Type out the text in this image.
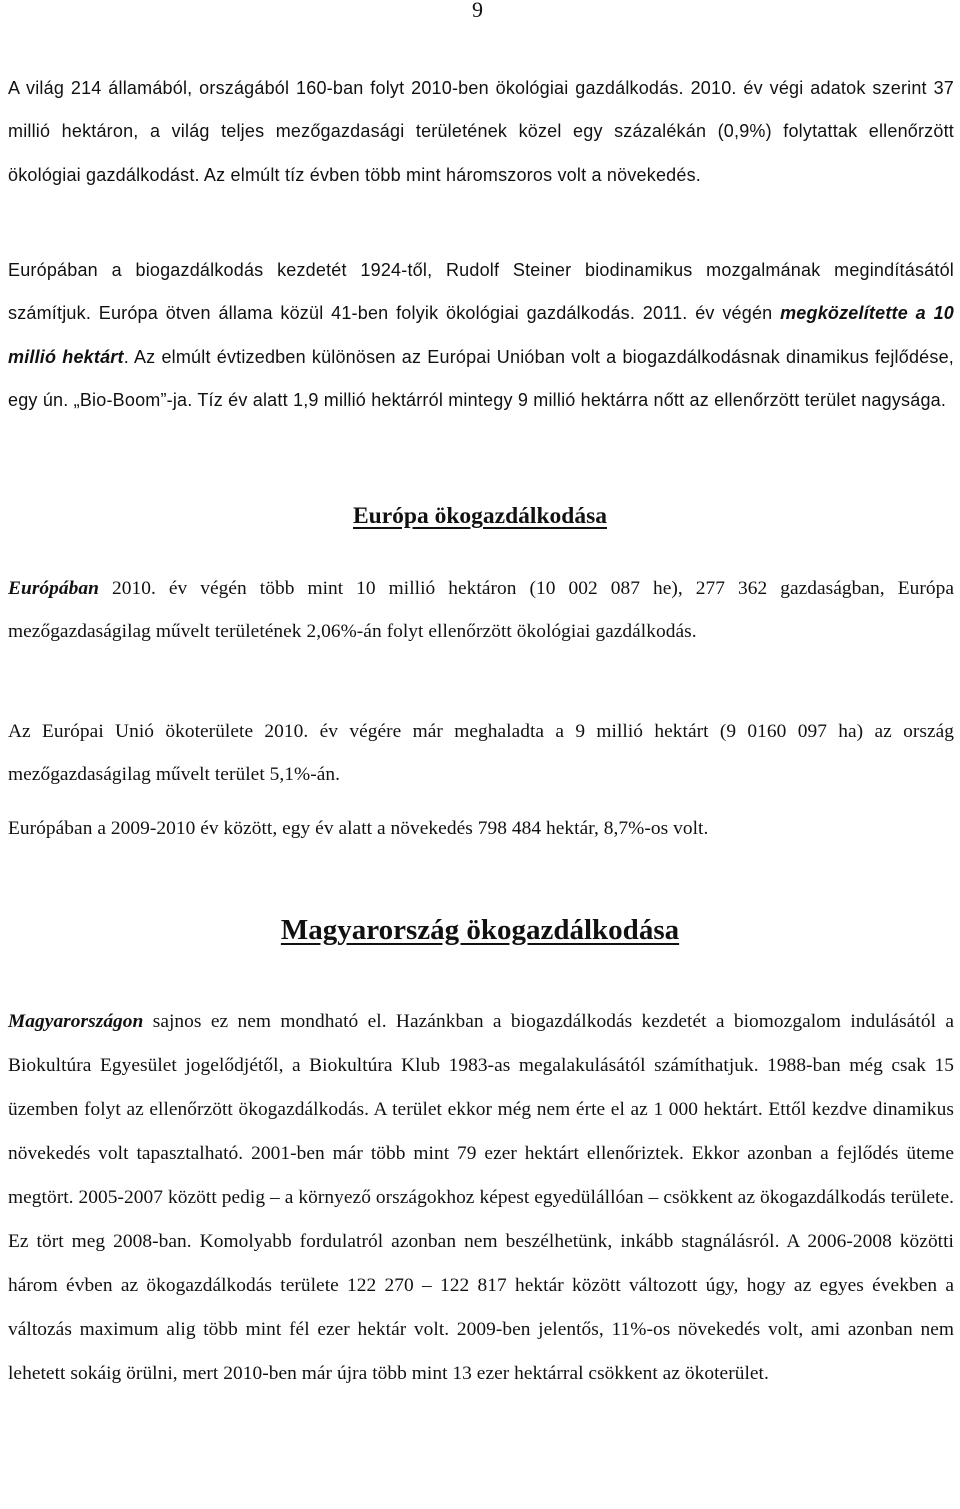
9

A világ 214 államából, országából 160-ban folyt 2010-ben ökológiai gazdálkodás. 2010. év végi adatok szerint 37 millió hektáron, a világ teljes mezőgazdasági területének közel egy százalékán (0,9%) folytattak ellenőrzött ökológiai gazdálkodást. Az elmúlt tíz évben több mint háromszoros volt a növekedés.

Európában a biogazdálkodás kezdetét 1924-től, Rudolf Steiner biodinamikus mozgalmának megindításától számítjuk. Európa ötven állama közül 41-ben folyik ökológiai gazdálkodás. 2011. év végén megközelítette a 10 millió hektárt. Az elmúlt évtizedben különösen az Európai Unióban volt a biogazdálkodásnak dinamikus fejlődése, egy ún. „Bio-Boom”-ja. Tíz év alatt 1,9 millió hektárról mintegy 9 millió hektárra nőtt az ellenőrzött terület nagysága.

Európa ökogazdálkodása

Európában 2010. év végén több mint 10 millió hektáron (10 002 087 he), 277 362 gazdaságban, Európa mezőgazdaságilag művelt területének 2,06%-án folyt ellenőrzött ökológiai gazdálkodás.

Az Európai Unió ökoterülete 2010. év végére már meghaladta a 9 millió hektárt (9 0160 097 ha) az ország mezőgazdaságilag művelt terület 5,1%-án.

Európában a 2009-2010 év között, egy év alatt a növekedés 798 484 hektár, 8,7%-os volt.

Magyarország ökogazdálkodása

Magyarországon sajnos ez nem mondható el. Hazánkban a biogazdálkodás kezdetét a biomozgalom indulásától a Biokultúra Egyesület jogelődjétől, a Biokultúra Klub 1983-as megalakulásától számíthatjuk. 1988-ban még csak 15 üzemben folyt az ellenőrzött ökogazdálkodás. A terület ekkor még nem érte el az 1 000 hektárt. Ettől kezdve dinamikus növekedés volt tapasztalható. 2001-ben már több mint 79 ezer hektárt ellenőriztek. Ekkor azonban a fejlődés üteme megtört. 2005-2007 között pedig – a környező országokhoz képest egyedülállóan – csökkent az ökogazdálkodás területe. Ez tört meg 2008-ban. Komolyabb fordulatról azonban nem beszélhetünk, inkább stagnálásról. A 2006-2008 közötti három évben az ökogazdálkodás területe 122 270 – 122 817 hektár között változott úgy, hogy az egyes években a változás maximum alig több mint fél ezer hektár volt. 2009-ben jelentős, 11%-os növekedés volt, ami azonban nem lehetett sokáig örülni, mert 2010-ben már újra több mint 13 ezer hektárral csökkent az ökoterület.
